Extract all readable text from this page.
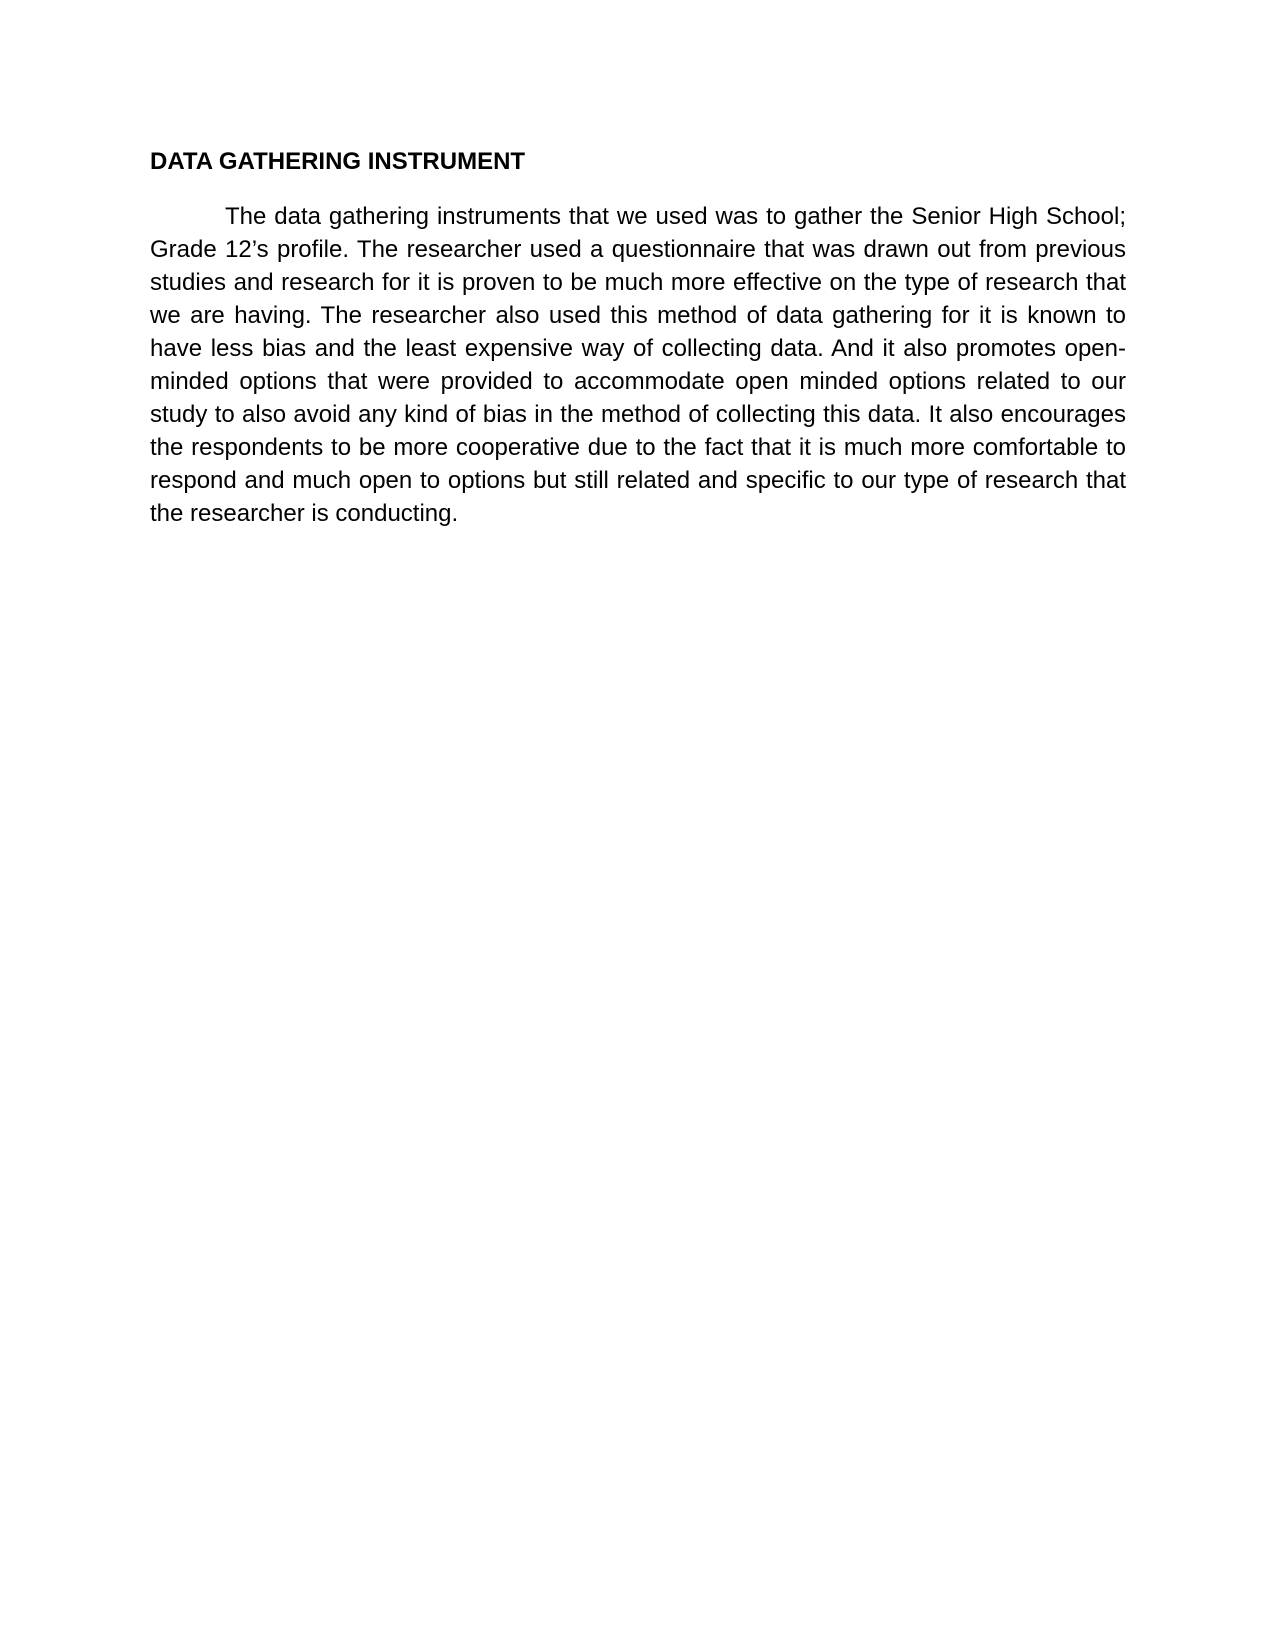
DATA GATHERING INSTRUMENT

The data gathering instruments that we used was to gather the Senior High School; Grade 12’s profile. The researcher used a questionnaire that was drawn out from previous studies and research for it is proven to be much more effective on the type of research that we are having. The researcher also used this method of data gathering for it is known to have less bias and the least expensive way of collecting data. And it also promotes open-minded options that were provided to accommodate open minded options related to our study to also avoid any kind of bias in the method of collecting this data. It also encourages the respondents to be more cooperative due to the fact that it is much more comfortable to respond and much open to options but still related and specific to our type of research that the researcher is conducting.
